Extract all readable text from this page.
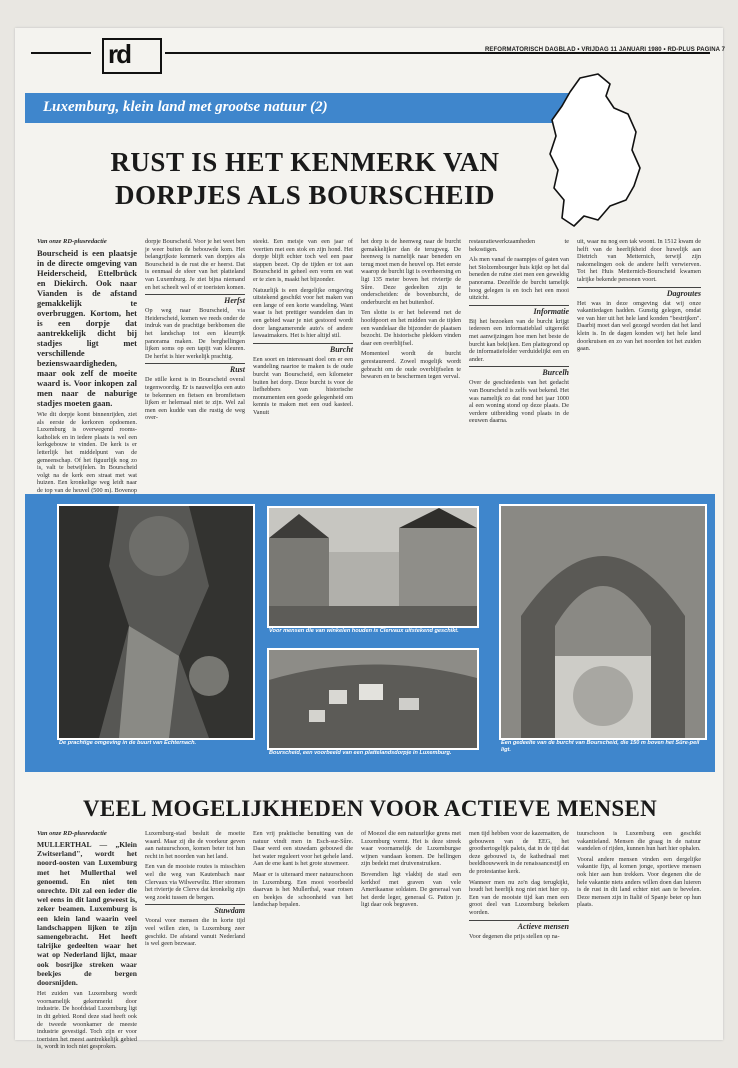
rd	REFORMATORISCH DAGBLAD • VRIJDAG 11 JANUARI 1980 • RD-PLUS PAGINA 7
Luxemburg, klein land met grootse natuur (2)
RUST IS HET KENMERK VAN DORPJES ALS BOURSCHEID
Van onze RD-plusredactie

Bourscheid is een plaatsje in de directe omgeving van Heiderscheid, Ettelbrück en Diekirch. Ook naar Vianden is de afstand gemakkelijk te overbruggen. Kortom, het is een dorpje dat aantrekkelijk dicht bij stadjes ligt met verschillende bezienswaardigheden, maar ook zelf de moeite waard is. Voor inkopen zal men naar de naburige stadjes moeten gaan.

Wie dit dorpje komt binnenrijden, ziet als eerste de kerkoren opdoemen. Luxemburg is overwegend rooms-katholiek en in iedere plaats is wel een kerkgebouw te vinden. De kerk is er letterlijk het middelpunt van de gemeenschap. Of het figuurlijk nog zo is, valt te betwijfelen. In Bourscheid volgt na de kerk een straat met wat huizen. Een kronkelige weg leidt naar de top van de heuvel (500 m). Bovenop

dorpje Bourscheid. Voor je het weet ben je weer buiten de bebouwde kom. Het belangrijkste kenmerk van dorpjes als Bourscheid is de rust die er heerst. Dat is eenmaal de sfeer van het platteland van Luxemburg. Je ziet bijna niemand en het scheelt wel of er toeristen komen.

Herfst

Op weg naar Bourscheid, via Heiderscheid, komen we reeds onder de indruk van de prachtige berkbomen die het landschap tot een kleurrijk panorama maken. De berghellingen lijken soms op een tapijt van kleuren. De herfst is hier werkelijk prachtig.

Rust

De stille kerst is in Bourscheid overal tegenwoordig. Er is nauwelijks een auto te bekennen en fietsen en bromfietsen lijken er helemaal niet te zijn. Wel zal men een kudde van die rustig de weg over-

steekt. Een meisje van een jaar of veertien met een stok en zijn hond. Het dorpje blijft echter toch wel een paar stappen bezet. Op de tijden er tot aan Bourscheid in geheel een vorm en wat er te zien is, maakt het bijzonder.

Natuurlijk is een dergelijke omgeving uitstekend geschikt voor het maken van een lange of een korte wandeling. Want waar is het prettiger wandelen dan in een gebied waar je niet gestoord wordt door langzamerende auto's of andere lawaaimakers. Het is hier altijd stil.

Burcht

Een soort en interessant doel om er een wandeling naartoe te maken is de oude burcht van Bourscheid, een kilometer buiten het dorp. Deze burcht is voor de liefhebbers van historische monumenten een goede gelegenheid om kennis te maken met een oud kasteel. Vanuit

het dorp is de heenweg naar de burcht gemakkelijker dan de terugweg. De heenweg is namelijk naar beneden en terug moet men de heuvel op. Het eerste waarop de burcht ligt is overheersing en ligt 135 meter boven het riviertje de Sûre. Deze gedeelten zijn te onderscheiden: de bovenburcht, de onderburcht en het buitenhof.

Ten slotte is er het belevend net de hoofdpoort en het midden van de tijden een wandelaar die bijzonder de plaatsen bezocht. De historische plekken vinden daar een overblijfsel.

Momenteel wordt de burcht gerestaureerd. Zowel mogelijk wordt gebracht om de oude overblijfselen te bewaren en te beschermen tegen verval.

restauratiewerkzaamheden te bekostigen.

Als men vanaf de raampjes of gaten van het Stolzembourger huis kijkt op het dal beneden de ruïne ziet men een geweldig panorama. Dezelfde de burcht tamelijk hoog gelegen is en toch het een mooi uitzicht.

Informatie

Bij het bezoeken van de burcht krijgt iedereen een informatieblad uitgereikt met aanwijzingen hoe men het beste de burcht kan bekijken. Een plattegrond op de informatiefolder verduidelijkt een en ander.

Burcelh

Over de geschiedenis van het gedacht van Bourscheid is zelfs wat bekend. Het was namelijk zo dat rond het jaar 1000 al een woning stond op deze plaats. De verdere uitbreiding vond plaats in de eeuwen daarna.

uit, waar nu nog een tak woont. In 1512 kwam de helft van de heerlijkheid door huwelijk aan Dietrich van Metternich, terwijl zijn nakomelingen ook de andere helft verwierven. Tot het Huis Metternich-Bourscheid kwamen talrijke bekende personen voort.

Dagroutes

Het was in deze omgeving dat wij onze vakantiedagen hadden. Gunstig gelegen, omdat we van hier uit het hele land konden "bestrijken". Daarbij moet dan wel gezegd worden dat het land klein is. In de dagen konden wij het hele land doorkruisen en zo van het noorden tot het zuiden gaan.

De prachtige omgeving in de buurt van Echternach.
Voor mensen die van winkelen houden is Clervaux uitstekend geschikt.
Bourscheid, een voorbeeld van een plattelandsdorpje in Luxemburg.
Een gedeelte van de burcht van Bourscheid, die 150 m boven het Sûre-peil ligt.
VEEL MOGELIJKHEDEN VOOR ACTIEVE MENSEN
Van onze RD-plusredactie

MULLERTHAL — „Klein Zwitserland", wordt het noord-oosten van Luxemburg met het Mullerthal wel genoemd. En niet ten onrechte. Dit zal een ieder die wel eens in dit land geweest is, zeker beamen. Luxemburg is een klein land waarin veel landschappen lijken te zijn samengebracht. Het heeft talrijke gedeelten waar het wat op Nederland lijkt, maar ook bosrijke streken waar beekjes de bergen doorsnijden.

Het zuiden van Luxemburg wordt voornamelijk gekenmerkt door industrie. De hoofdstad Luxemburg ligt in dit gebied. Rond deze stad heeft ook de tweede woonkamer de meeste industrie gevestigd. Toch zijn er voor toeristen het meest aantrekkelijk gebied is, wordt in toch niet gesproken.

Luxemburg-stad besluit de moeite waard. Maar zij die de voorkeur geven aan natuurschoon, komen beter tot hun recht in het noorden van het land.

Een van de mooiste routes is misschien wel die weg van Kautenbach naar Clervaux via Wilwerwiltz. Hier stromen het riviertje de Clerve dat kronkelig zijn weg zoekt tussen de bergen.

Stuwdam

Vooral voor mensen die in korte tijd veel willen zien, is Luxemburg zeer geschikt. De afstand vanuit Nederland is wel geen bezwaar.

Een vrij praktische benutting van de natuur vindt men in Esch-sur-Sûre. Daar werd een stuwdam gebouwd die het water reguleert voor het gehele land. Aan de ene kant is het grote stuwmeer.

Maar er is uiteraard meer natuurschoon in Luxemburg. Een mooi voorbeeld daarvan is het Mullerthal, waar rotsen en beekjes de schoonheid van het landschap bepalen.

of Moezel die een natuurlijke grens met Luxemburg vormt. Het is deze streek waar voornamelijk de Luxemburgse wijnen vandaan komen. De hellingen zijn bedekt met druivenstruiken.

Bovendien ligt vlakbij de stad een kerkhof met graven van vele Amerikaanse soldaten. De generaal van het derde leger, generaal G. Patton jr. ligt daar ook begraven.

men tijd hebben voor de kazematten, de gebouwen van de EEG, het groothertogelijk paleis, dat in de tijd dat deze gebouwd is, de kathedraal met beeldhouwwerk in de renaissancestijl en de protestantse kerk.

Wanneer men nu zo'n dag terugkijkt, houdt het heerlijk nog niet niet hier op. Een van de mooiste tijd kan men een groot deel van Luxemburg bekeken worden.

Actieve mensen

Voor degenen die prijs stellen op na-

tuurschoon is Luxemburg een geschikt vakantieland. Mensen die graag in de natuur wandelen of rijden, kunnen hun hart hier ophalen.

Vooral andere mensen vinden een dergelijke vakantie fijn, al komen jonge, sportieve mensen ook hier aan hun trekken. Voor degenen die de hele vakantie niets anders willen doen dan luieren is de rust in dit land echter niet aan te bevelen. Deze mensen zijn in Italië of Spanje beter op hun plaats.
